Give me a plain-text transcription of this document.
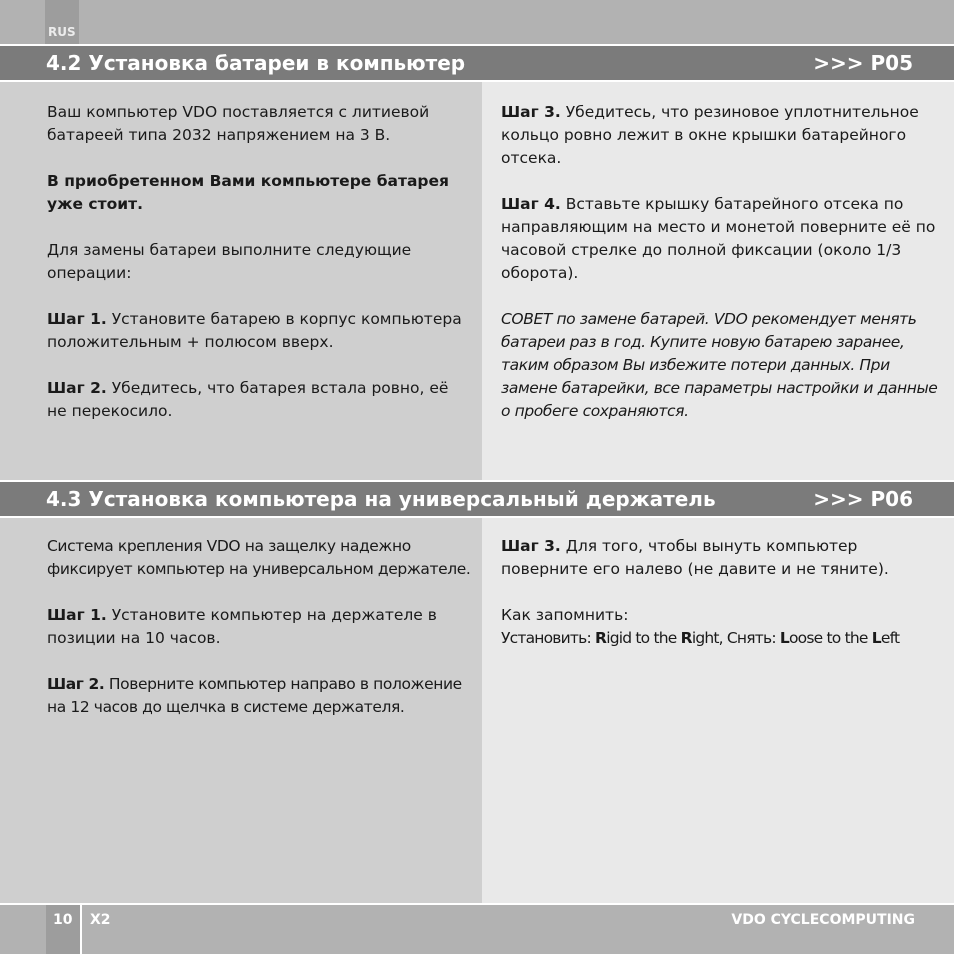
RUS
4.2 Установка батареи в компьютер	>>> P05

Ваш компьютер VDO поставляется с литиевой батареей типа 2032 напряжением на 3 В.

В приобретенном Вами компьютере батарея уже стоит.

Для замены батареи выполните следующие операции:

Шаг 1. Установите батарею в корпус компьютера положительным + полюсом вверх.

Шаг 2. Убедитесь, что батарея встала ровно, её не перекосило.

Шаг 3. Убедитесь, что резиновое уплотнительное кольцо ровно лежит в окне крышки батарейного отсека.

Шаг 4. Вставьте крышку батарейного отсека по направляющим на место и монетой поверните её по часовой стрелке до полной фиксации (около 1/3 оборота).

СОВЕТ по замене батарей. VDO рекомендует менять батареи раз в год. Купите новую батарею заранее, таким образом Вы избежите потери данных. При замене батарейки, все параметры настройки и данные о пробеге сохраняются.

4.3 Установка компьютера на универсальный держатель	>>> P06

Система крепления VDO на защелку надежно фиксирует компьютер на универсальном держателе.

Шаг 1. Установите компьютер на держателе в позиции на 10 часов.

Шаг 2. Поверните компьютер направо в положение на 12 часов до щелчка в системе держателя.

Шаг 3. Для того, чтобы вынуть компьютер поверните его налево (не давите и не тяните).

Как запомнить:
Установить: Rigid to the Right, Снять: Loose to the Left
10 X2	VDO CYCLECOMPUTING
